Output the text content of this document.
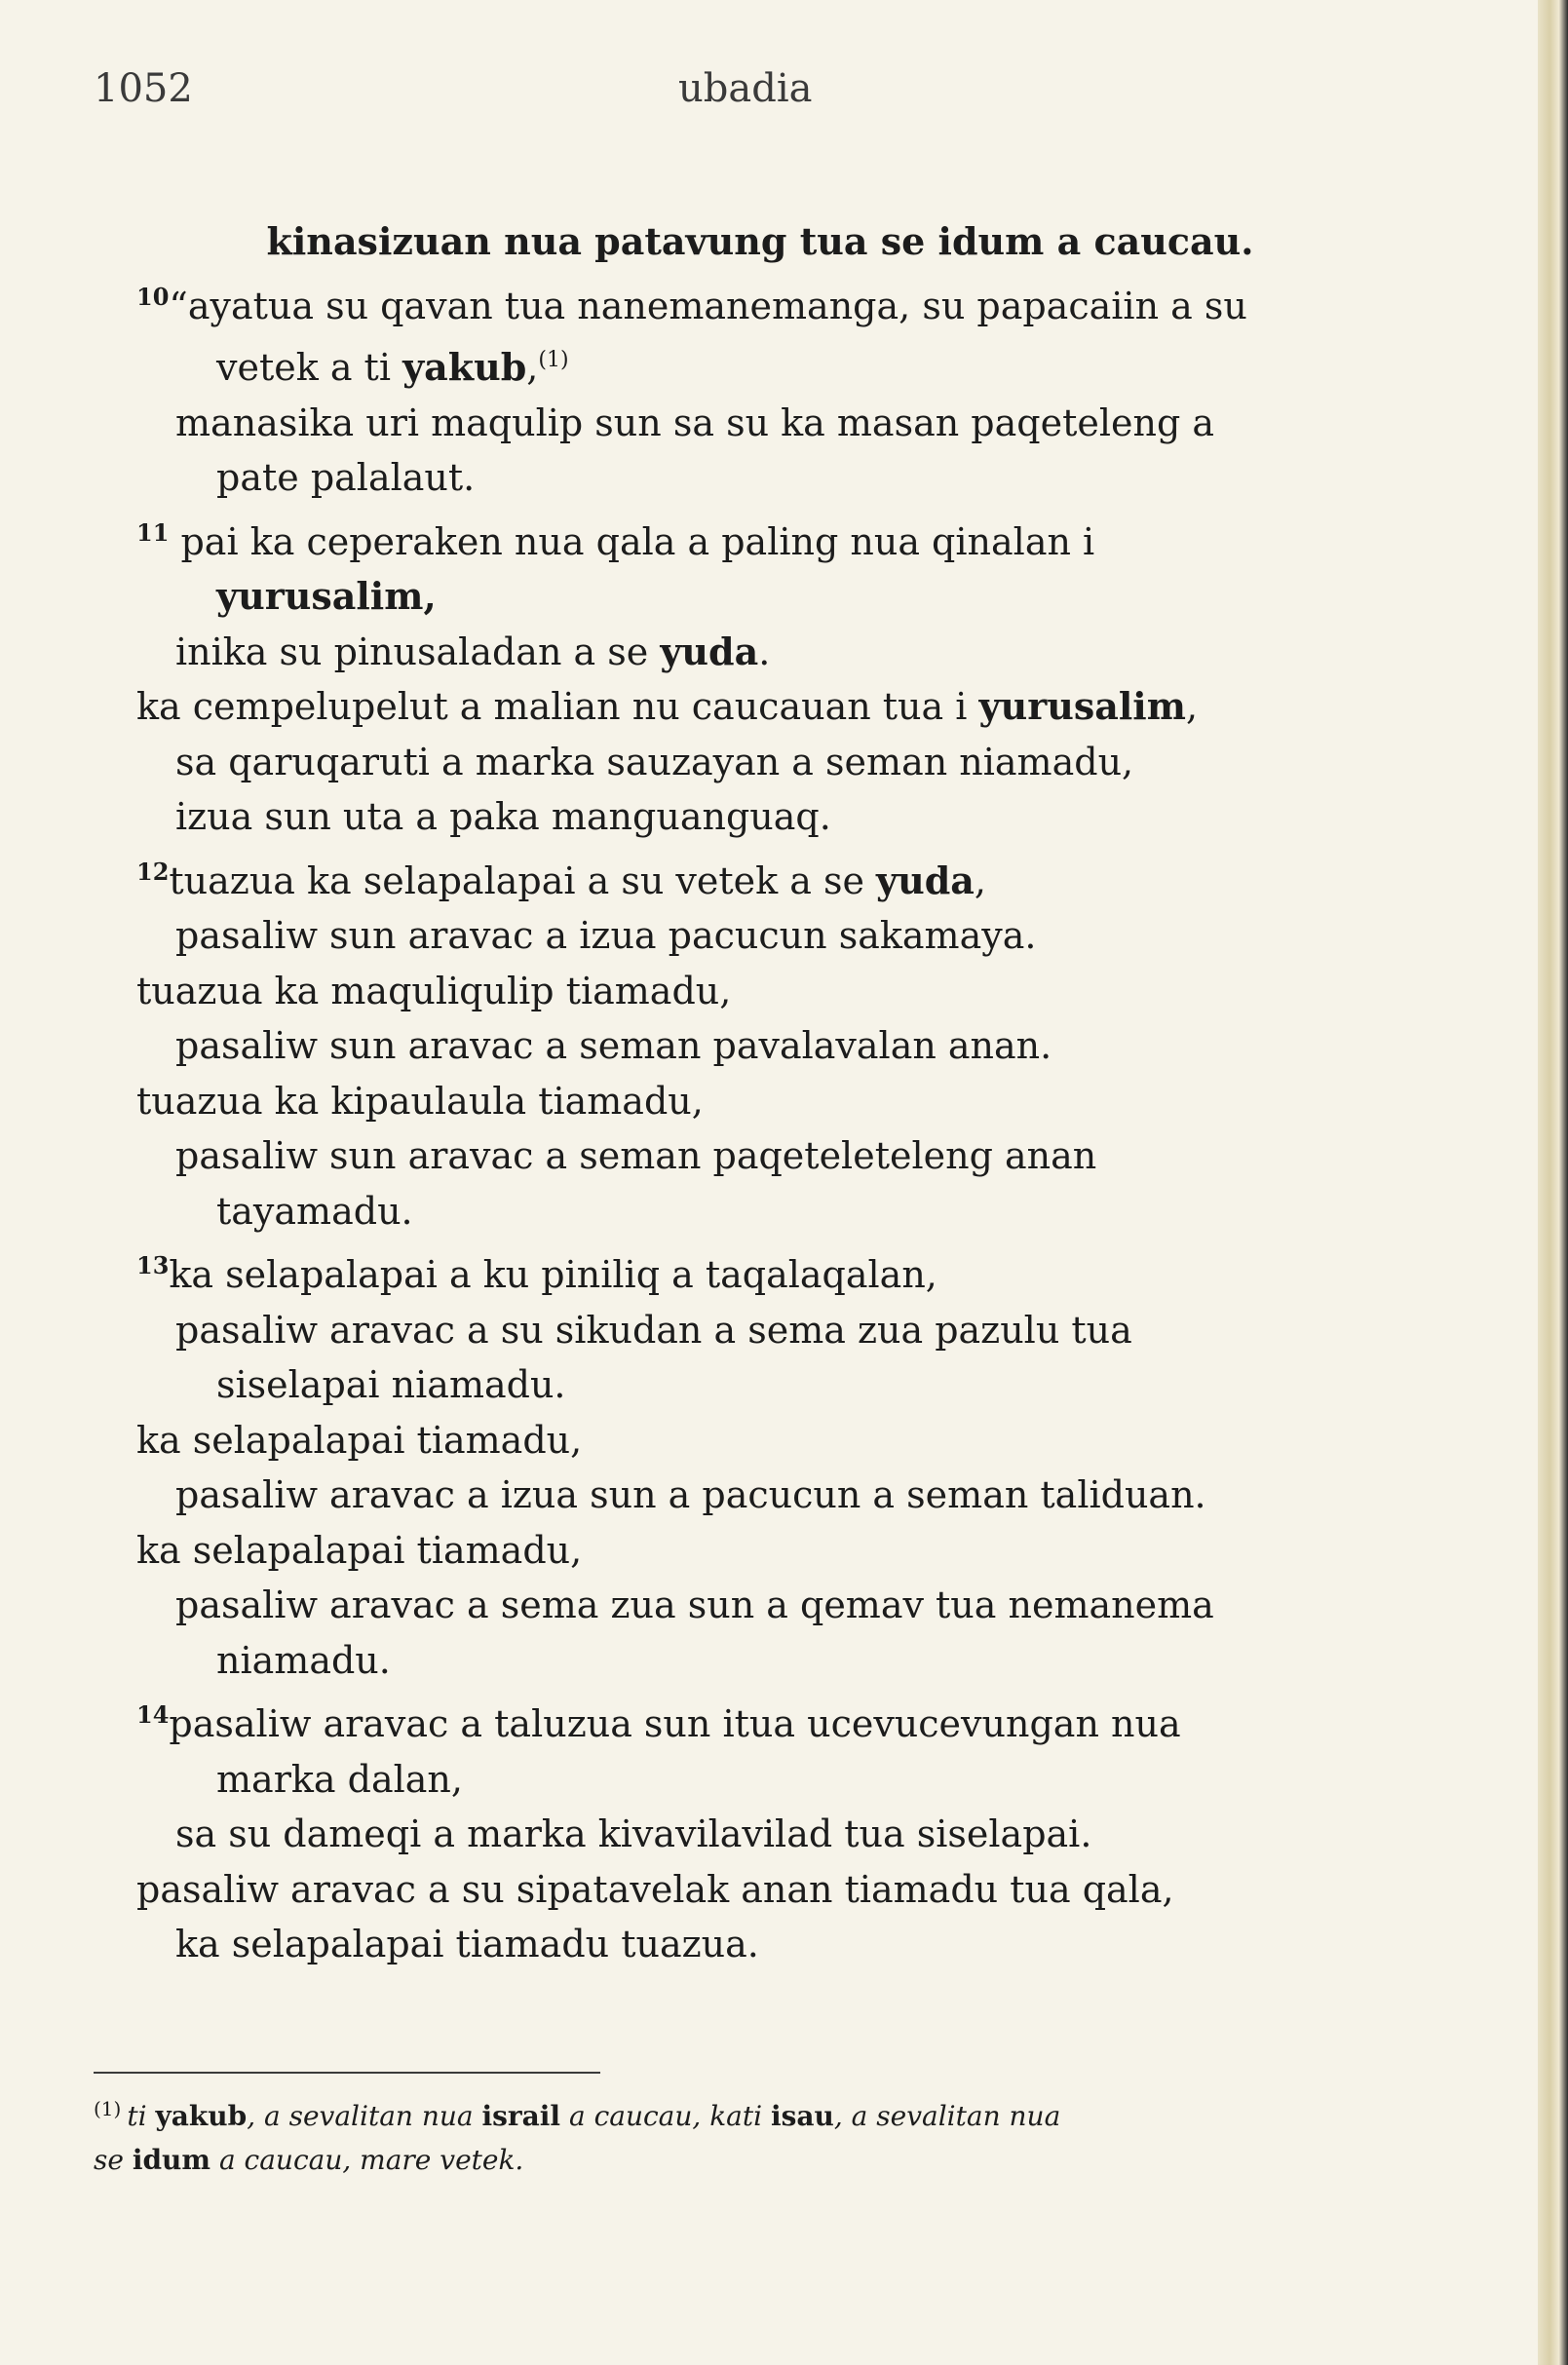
1052	ubadia
kinasizuan nua patavung tua se idum a caucau.
$^{10}$“ayatua su qavan tua nanemanemanga, su papacaiin a su
vetek a ti yakub,$^{(1)}$
manasika uri maqulip sun sa su ka masan paqeteleng a
pate palalaut.
$^{11}$ pai ka ceperaken nua qala a paling nua qinalan i
yurusalim,
inika su pinusaladan a se yuda.
ka cempelupelut a malian nu caucauan tua i yurusalim,
sa qaruqaruti a marka sauzayan a seman niamadu,
izua sun uta a paka manguanguaq.
$^{12}$tuazua ka selapalapai a su vetek a se yuda,
pasaliw sun aravac a izua pacucun sakamaya.
tuazua ka maquliqulip tiamadu,
pasaliw sun aravac a seman pavalavalan anan.
tuazua ka kipaulaula tiamadu,
pasaliw sun aravac a seman paqeteleteleng anan
tayamadu.
$^{13}$ka selapalapai a ku piniliq a taqalaqalan,
pasaliw aravac a su sikudan a sema zua pazulu tua
siselapai niamadu.
ka selapalapai tiamadu,
pasaliw aravac a izua sun a pacucun a seman taliduan.
ka selapalapai tiamadu,
pasaliw aravac a sema zua sun a qemav tua nemanema
niamadu.
$^{14}$pasaliw aravac a taluzua sun itua ucevucevungan nua
marka dalan,
sa su dameqi a marka kivavilavilad tua siselapai.
pasaliw aravac a su sipatavelak anan tiamadu tua qala,
ka selapalapai tiamadu tuazua.
$^{(1)}$ ti yakub, a sevalitan nua israil a caucau, kati isau, a sevalitan nua
se idum a caucau, mare vetek.
